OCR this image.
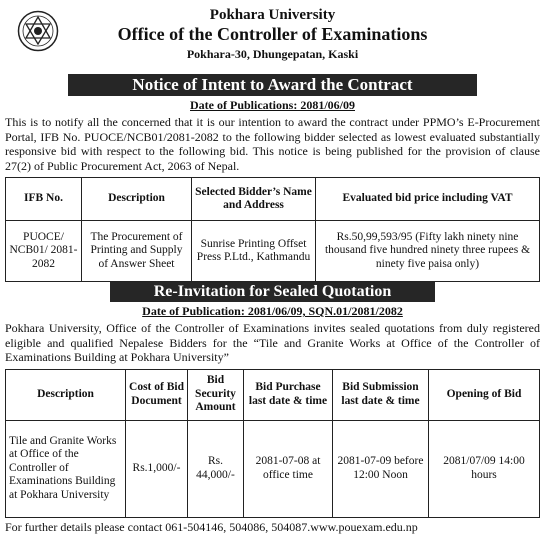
Pokhara University
Office of the Controller of Examinations
Pokhara-30, Dhungepatan, Kaski
Notice of Intent to Award the Contract
Date of Publications: 2081/06/09
This is to notify all the concerned that it is our intention to award the contract under PPMO’s E-Procurement Portal, IFB No. PUOCE/NCB01/2081-2082 to the following bidder selected as lowest evaluated substantially responsive bid with respect to the following bid. This notice is being published for the provision of clause 27(2) of Public Procurement Act, 2063 of Nepal.
IFB No.	Description	Selected Bidder’s Name and Address	Evaluated bid price including VAT
PUOCE/ NCB01/ 2081-2082	The Procurement of Printing and Supply of Answer Sheet	Sunrise Printing Offset Press P.Ltd., Kathmandu	Rs.50,99,593/95 (Fifty lakh ninety nine thousand five hundred ninety three rupees & ninety five paisa only)
Re-Invitation for Sealed Quotation
Date of Publication: 2081/06/09, SQN.01/2081/2082
Pokhara University, Office of the Controller of Examinations invites sealed quotations from duly registered eligible and qualified Nepalese Bidders for the “Tile and Granite Works at Office of the Controller of Examinations Building at Pokhara University”
Description	Cost of Bid Document	Bid Security Amount	Bid Purchase last date & time	Bid Submission last date & time	Opening of Bid
Tile and Granite Works at Office of the Controller of Examinations Building at Pokhara University	Rs.1,000/-	Rs. 44,000/-	2081-07-08 at office time	2081-07-09 before 12:00 Noon	2081/07/09 14:00 hours
For further details please contact 061-504146, 504086, 504087.www.pouexam.edu.np
